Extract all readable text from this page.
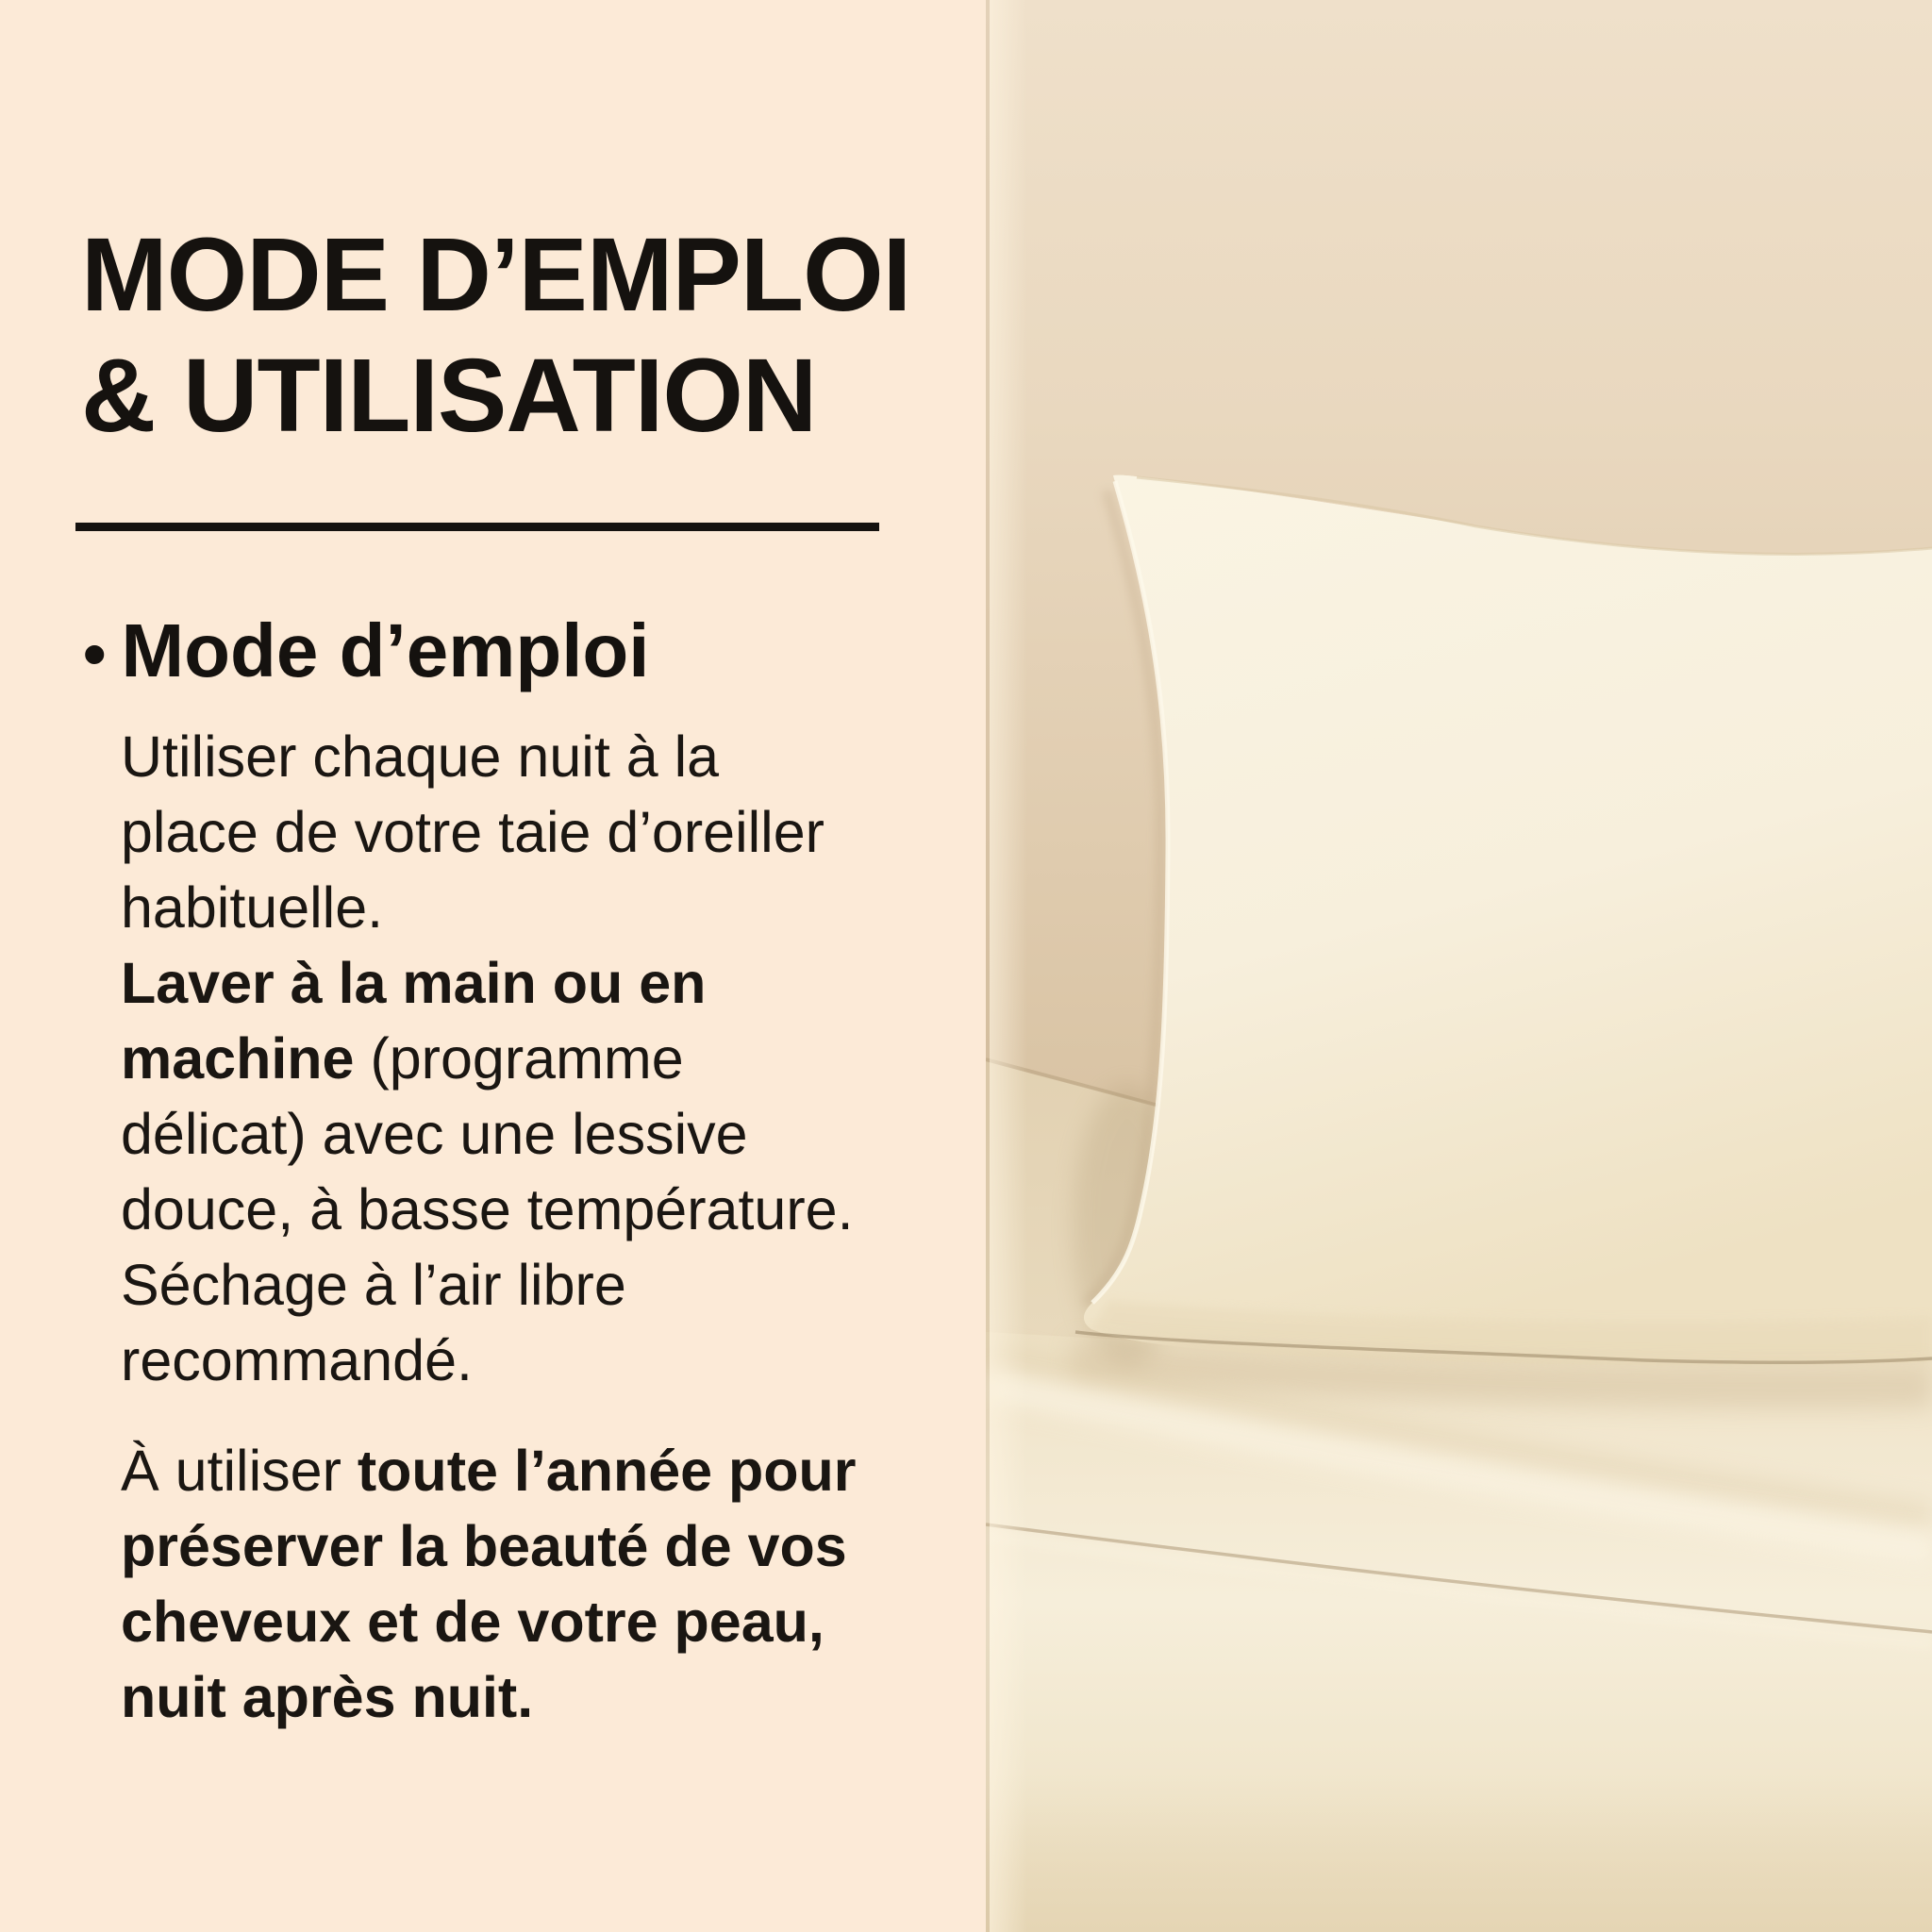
MODE D’EMPLOI
& UTILISATION
• Mode d’emploi
Utiliser chaque nuit à la
place de votre taie d’oreiller
habituelle.
Laver à la main ou en
machine (programme
délicat) avec une lessive
douce, à basse température.
Séchage à l’air libre
recommandé.
À utiliser toute l’année pour
préserver la beauté de vos
cheveux et de votre peau,
nuit après nuit.
